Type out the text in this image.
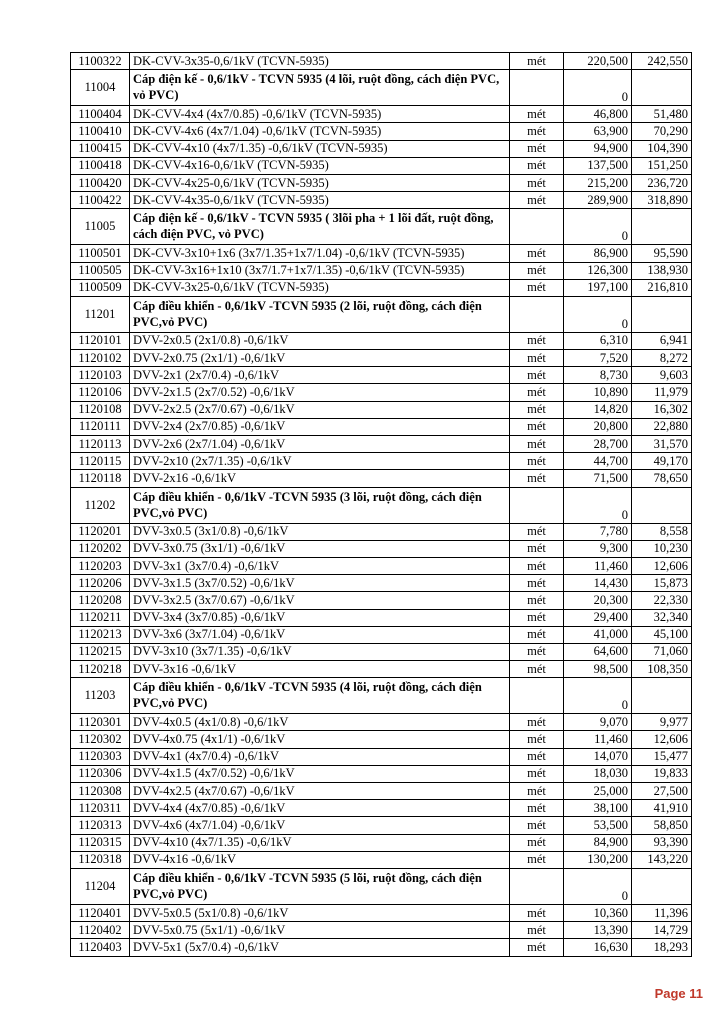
1100322	DK-CVV-3x35-0,6/1kV (TCVN-5935)	mét	220,500	242,550
11004	Cáp điện kế - 0,6/1kV - TCVN 5935 (4 lõi, ruột đồng, cách điện PVC, vỏ PVC)		0	
1100404	DK-CVV-4x4 (4x7/0.85) -0,6/1kV (TCVN-5935)	mét	46,800	51,480
1100410	DK-CVV-4x6 (4x7/1.04) -0,6/1kV (TCVN-5935)	mét	63,900	70,290
1100415	DK-CVV-4x10 (4x7/1.35) -0,6/1kV (TCVN-5935)	mét	94,900	104,390
1100418	DK-CVV-4x16-0,6/1kV (TCVN-5935)	mét	137,500	151,250
1100420	DK-CVV-4x25-0,6/1kV (TCVN-5935)	mét	215,200	236,720
1100422	DK-CVV-4x35-0,6/1kV (TCVN-5935)	mét	289,900	318,890
11005	Cáp điện kế - 0,6/1kV - TCVN 5935 ( 3lõi pha + 1 lõi đất, ruột đồng, cách điện PVC, vỏ PVC)		0	
1100501	DK-CVV-3x10+1x6 (3x7/1.35+1x7/1.04) -0,6/1kV (TCVN-5935)	mét	86,900	95,590
1100505	DK-CVV-3x16+1x10 (3x7/1.7+1x7/1.35) -0,6/1kV (TCVN-5935)	mét	126,300	138,930
1100509	DK-CVV-3x25-0,6/1kV (TCVN-5935)	mét	197,100	216,810
11201	Cáp điều khiển - 0,6/1kV -TCVN 5935 (2 lõi, ruột đồng, cách điện PVC,vỏ PVC)		0	
1120101	DVV-2x0.5 (2x1/0.8) -0,6/1kV	mét	6,310	6,941
1120102	DVV-2x0.75 (2x1/1) -0,6/1kV	mét	7,520	8,272
1120103	DVV-2x1 (2x7/0.4) -0,6/1kV	mét	8,730	9,603
1120106	DVV-2x1.5 (2x7/0.52) -0,6/1kV	mét	10,890	11,979
1120108	DVV-2x2.5 (2x7/0.67) -0,6/1kV	mét	14,820	16,302
1120111	DVV-2x4 (2x7/0.85) -0,6/1kV	mét	20,800	22,880
1120113	DVV-2x6 (2x7/1.04) -0,6/1kV	mét	28,700	31,570
1120115	DVV-2x10 (2x7/1.35) -0,6/1kV	mét	44,700	49,170
1120118	DVV-2x16 -0,6/1kV	mét	71,500	78,650
11202	Cáp điều khiển - 0,6/1kV -TCVN 5935 (3 lõi, ruột đồng, cách điện PVC,vỏ PVC)		0	
1120201	DVV-3x0.5 (3x1/0.8) -0,6/1kV	mét	7,780	8,558
1120202	DVV-3x0.75 (3x1/1) -0,6/1kV	mét	9,300	10,230
1120203	DVV-3x1 (3x7/0.4) -0,6/1kV	mét	11,460	12,606
1120206	DVV-3x1.5 (3x7/0.52) -0,6/1kV	mét	14,430	15,873
1120208	DVV-3x2.5 (3x7/0.67) -0,6/1kV	mét	20,300	22,330
1120211	DVV-3x4 (3x7/0.85) -0,6/1kV	mét	29,400	32,340
1120213	DVV-3x6 (3x7/1.04) -0,6/1kV	mét	41,000	45,100
1120215	DVV-3x10 (3x7/1.35) -0,6/1kV	mét	64,600	71,060
1120218	DVV-3x16 -0,6/1kV	mét	98,500	108,350
11203	Cáp điều khiển - 0,6/1kV -TCVN 5935 (4 lõi, ruột đồng, cách điện PVC,vỏ PVC)		0	
1120301	DVV-4x0.5 (4x1/0.8) -0,6/1kV	mét	9,070	9,977
1120302	DVV-4x0.75 (4x1/1) -0,6/1kV	mét	11,460	12,606
1120303	DVV-4x1 (4x7/0.4) -0,6/1kV	mét	14,070	15,477
1120306	DVV-4x1.5 (4x7/0.52) -0,6/1kV	mét	18,030	19,833
1120308	DVV-4x2.5 (4x7/0.67) -0,6/1kV	mét	25,000	27,500
1120311	DVV-4x4 (4x7/0.85) -0,6/1kV	mét	38,100	41,910
1120313	DVV-4x6 (4x7/1.04) -0,6/1kV	mét	53,500	58,850
1120315	DVV-4x10 (4x7/1.35) -0,6/1kV	mét	84,900	93,390
1120318	DVV-4x16 -0,6/1kV	mét	130,200	143,220
11204	Cáp điều khiển - 0,6/1kV -TCVN 5935 (5 lõi, ruột đồng, cách điện PVC,vỏ PVC)		0	
1120401	DVV-5x0.5 (5x1/0.8) -0,6/1kV	mét	10,360	11,396
1120402	DVV-5x0.75 (5x1/1) -0,6/1kV	mét	13,390	14,729
1120403	DVV-5x1 (5x7/0.4) -0,6/1kV	mét	16,630	18,293
Page 11
